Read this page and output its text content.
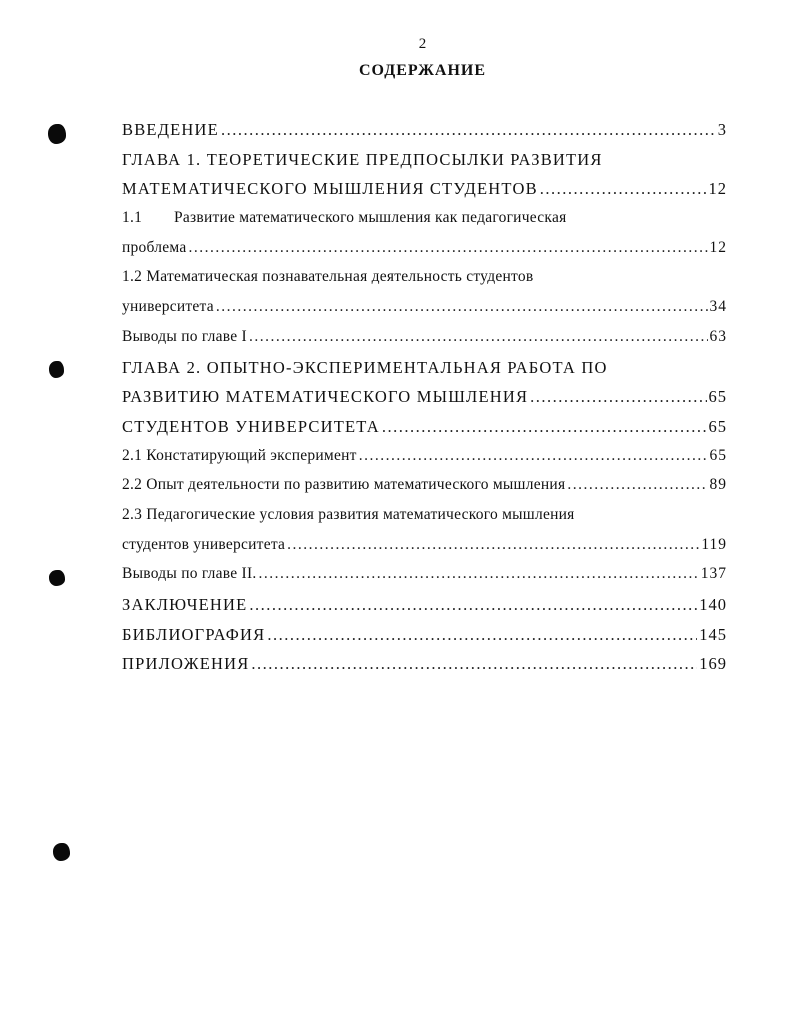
2
СОДЕРЖАНИЕ
ВВЕДЕНИЕ .....	3
ГЛАВА 1. ТЕОРЕТИЧЕСКИЕ ПРЕДПОСЫЛКИ РАЗВИТИЯ
МАТЕМАТИЧЕСКОГО МЫШЛЕНИЯ СТУДЕНТОВ .....	12
1.1	Развитие математического мышления как педагогическая
проблема .....	12
1.2 Математическая познавательная деятельность студентов
университета .....	34
Выводы по главе I .....	63
ГЛАВА 2. ОПЫТНО-ЭКСПЕРИМЕНТАЛЬНАЯ РАБОТА ПО
РАЗВИТИЮ МАТЕМАТИЧЕСКОГО МЫШЛЕНИЯ .....	65
СТУДЕНТОВ УНИВЕРСИТЕТА .....	65
2.1 Констатирующий эксперимент .....	65
2.2 Опыт деятельности по развитию математического мышления .....	89
2.3 Педагогические условия развития математического мышления
студентов университета .....	119
Выводы по главе II. .....	137
ЗАКЛЮЧЕНИЕ .....	140
БИБЛИОГРАФИЯ .....	145
ПРИЛОЖЕНИЯ .....	169
